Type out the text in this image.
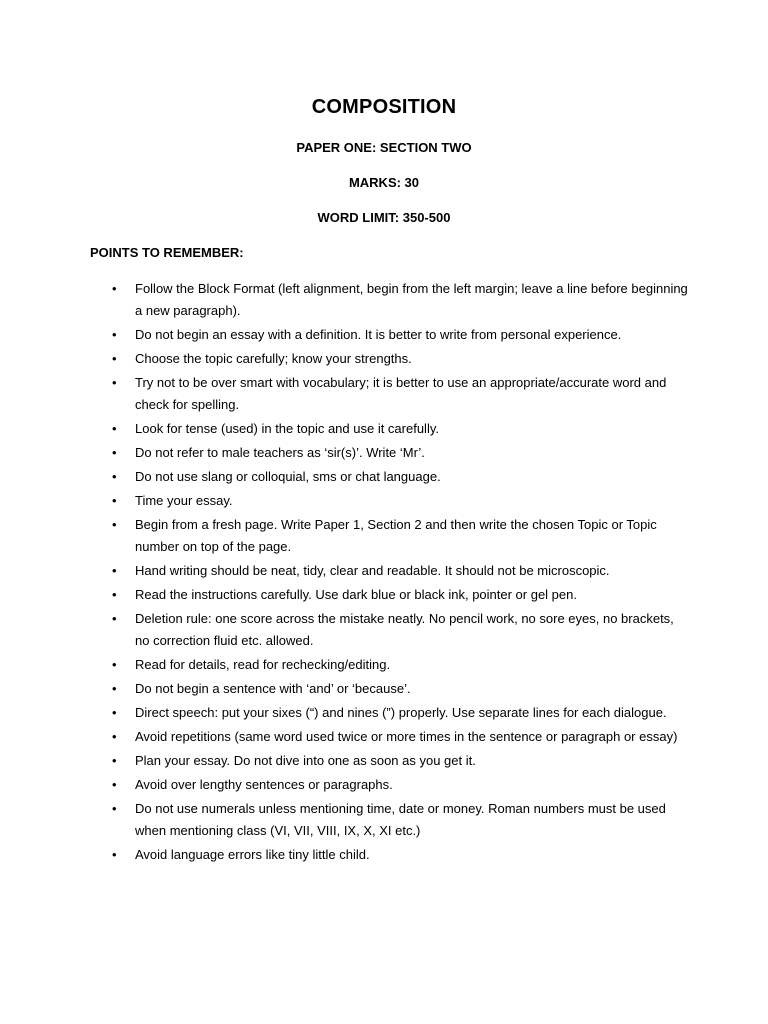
COMPOSITION
PAPER ONE: SECTION TWO
MARKS: 30
WORD LIMIT: 350-500
POINTS TO REMEMBER:
• Follow the Block Format (left alignment, begin from the left margin; leave a line before beginning a new paragraph).
• Do not begin an essay with a definition. It is better to write from personal experience.
• Choose the topic carefully; know your strengths.
• Try not to be over smart with vocabulary; it is better to use an appropriate/accurate word and check for spelling.
• Look for tense (used) in the topic and use it carefully.
• Do not refer to male teachers as ‘sir(s)’. Write ‘Mr’.
• Do not use slang or colloquial, sms or chat language.
• Time your essay.
• Begin from a fresh page. Write Paper 1, Section 2 and then write the chosen Topic or Topic number on top of the page.
• Hand writing should be neat, tidy, clear and readable. It should not be microscopic.
• Read the instructions carefully. Use dark blue or black ink, pointer or gel pen.
• Deletion rule: one score across the mistake neatly. No pencil work, no sore eyes, no brackets, no correction fluid etc. allowed.
• Read for details, read for rechecking/editing.
• Do not begin a sentence with ‘and’ or ‘because’.
• Direct speech: put your sixes (“) and nines (”) properly. Use separate lines for each dialogue.
• Avoid repetitions (same word used twice or more times in the sentence or paragraph or essay)
• Plan your essay. Do not dive into one as soon as you get it.
• Avoid over lengthy sentences or paragraphs.
• Do not use numerals unless mentioning time, date or money. Roman numbers must be used when mentioning class (VI, VII, VIII, IX, X, XI etc.)
• Avoid language errors like tiny little child.
